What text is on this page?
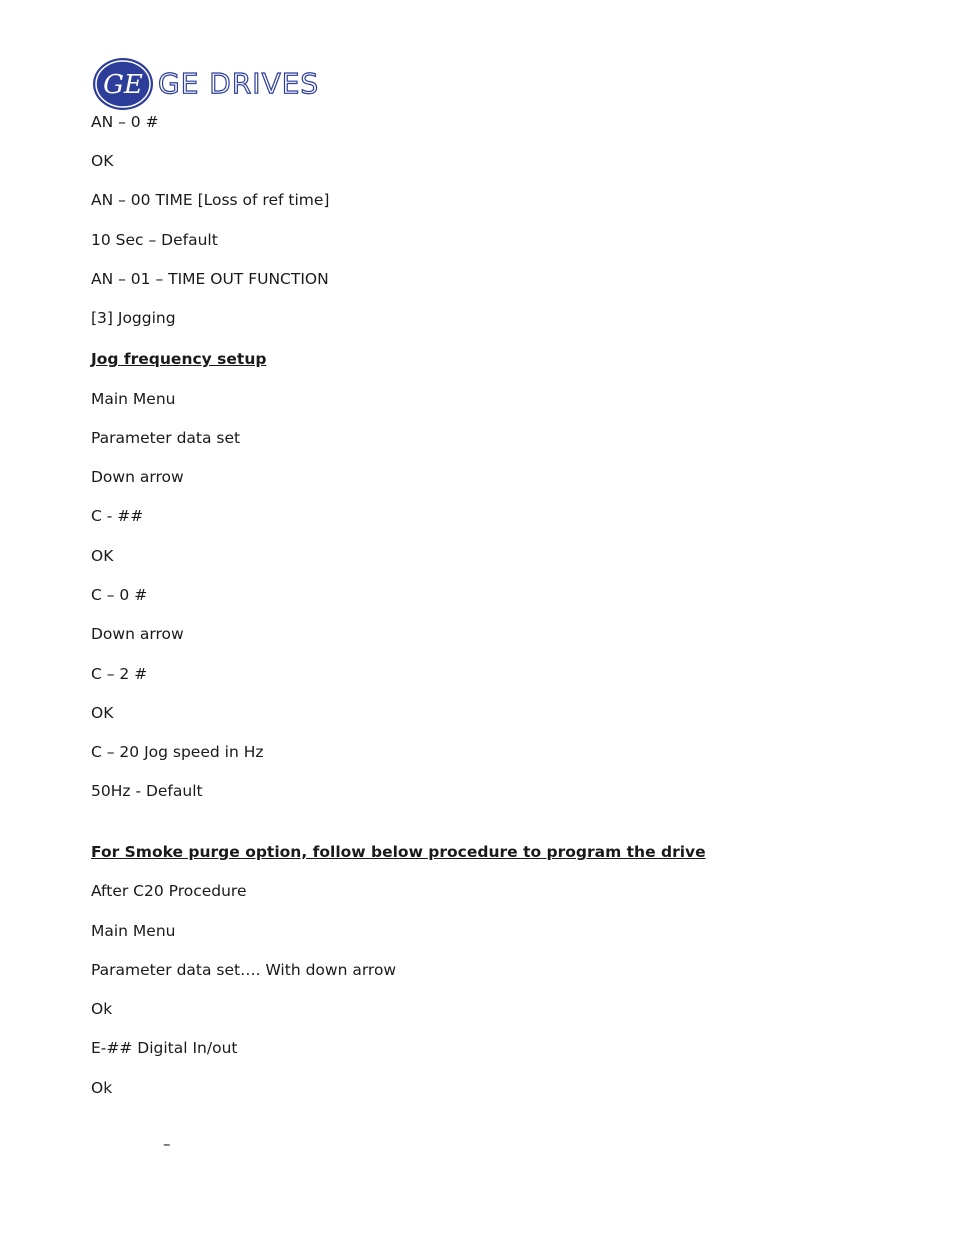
GE GE DRIVES
AN – 0 #
OK
AN – 00 TIME [Loss of ref time]
10 Sec – Default
AN – 01 – TIME OUT FUNCTION
[3] Jogging
Jog frequency setup
Main Menu
Parameter data set
Down arrow
C - ##
OK
C – 0 #
Down arrow
C – 2 #
OK
C – 20 Jog speed in Hz
50Hz - Default
For Smoke purge option, follow below procedure to program the drive
After C20 Procedure
Main Menu
Parameter data set…. With down arrow
Ok
E-## Digital In/out
Ok
–
